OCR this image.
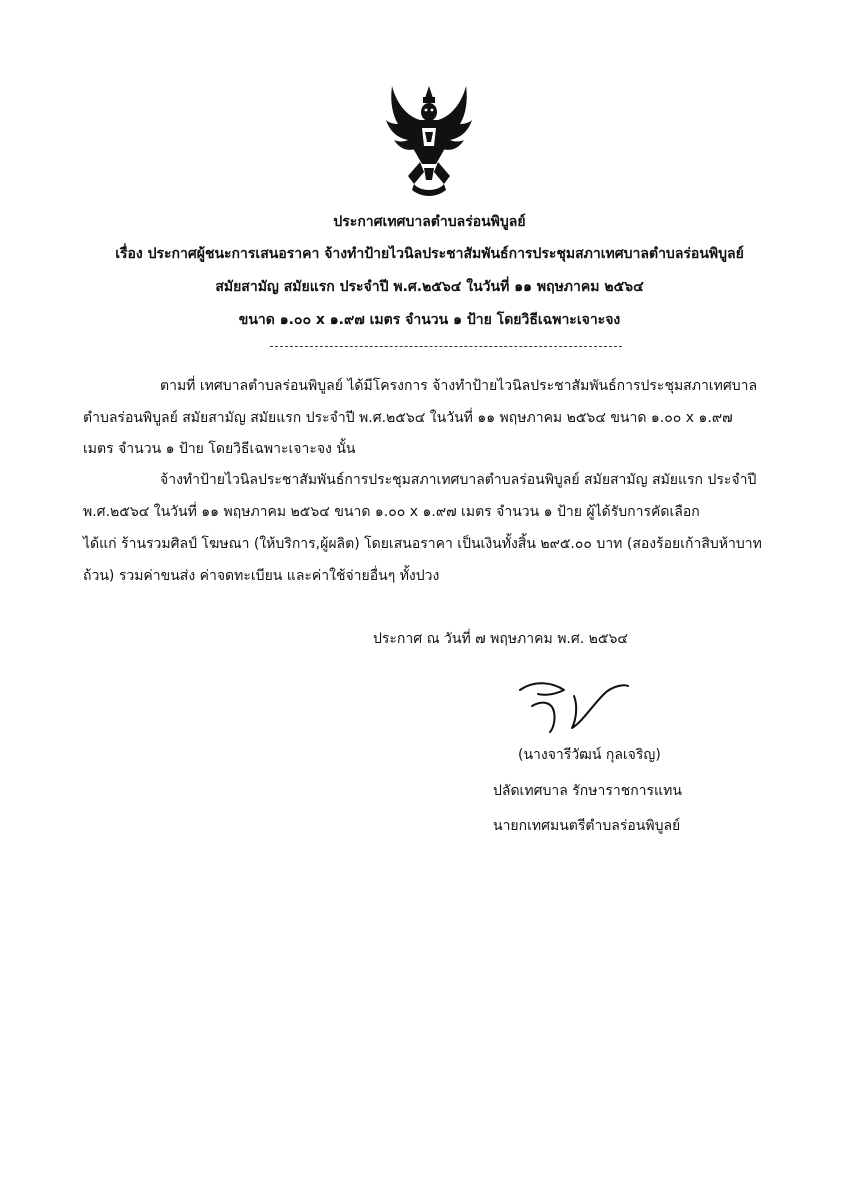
ประกาศเทศบาลตำบลร่อนพิบูลย์
เรื่อง ประกาศผู้ชนะการเสนอราคา จ้างทำป้ายไวนิลประชาสัมพันธ์การประชุมสภาเทศบาลตำบลร่อนพิบูลย์
สมัยสามัญ สมัยแรก ประจำปี พ.ศ.๒๕๖๔ ในวันที่ ๑๑ พฤษภาคม ๒๕๖๔
ขนาด ๑.๐๐ x ๑.๙๗ เมตร จำนวน ๑ ป้าย โดยวิธีเฉพาะเจาะจง
ตามที่ เทศบาลตำบลร่อนพิบูลย์ ได้มีโครงการ จ้างทำป้ายไวนิลประชาสัมพันธ์การประชุมสภาเทศบาล
ตำบลร่อนพิบูลย์ สมัยสามัญ สมัยแรก ประจำปี พ.ศ.๒๕๖๔ ในวันที่ ๑๑ พฤษภาคม ๒๕๖๔ ขนาด ๑.๐๐ x ๑.๙๗
เมตร จำนวน ๑ ป้าย โดยวิธีเฉพาะเจาะจง นั้น
จ้างทำป้ายไวนิลประชาสัมพันธ์การประชุมสภาเทศบาลตำบลร่อนพิบูลย์ สมัยสามัญ สมัยแรก ประจำปี
พ.ศ.๒๕๖๔ ในวันที่ ๑๑ พฤษภาคม ๒๕๖๔ ขนาด ๑.๐๐ x ๑.๙๗ เมตร จำนวน ๑ ป้าย ผู้ได้รับการคัดเลือก
ได้แก่ ร้านรวมศิลป์ โฆษณา (ให้บริการ,ผู้ผลิต) โดยเสนอราคา เป็นเงินทั้งสิ้น ๒๙๕.๐๐ บาท (สองร้อยเก้าสิบห้าบาท
ถ้วน) รวมค่าขนส่ง ค่าจดทะเบียน และค่าใช้จ่ายอื่นๆ ทั้งปวง
ประกาศ ณ วันที่ ๗ พฤษภาคม พ.ศ. ๒๕๖๔
(นางจารีวัฒน์ กุลเจริญ)
ปลัดเทศบาล รักษาราชการแทน
นายกเทศมนตรีตำบลร่อนพิบูลย์
